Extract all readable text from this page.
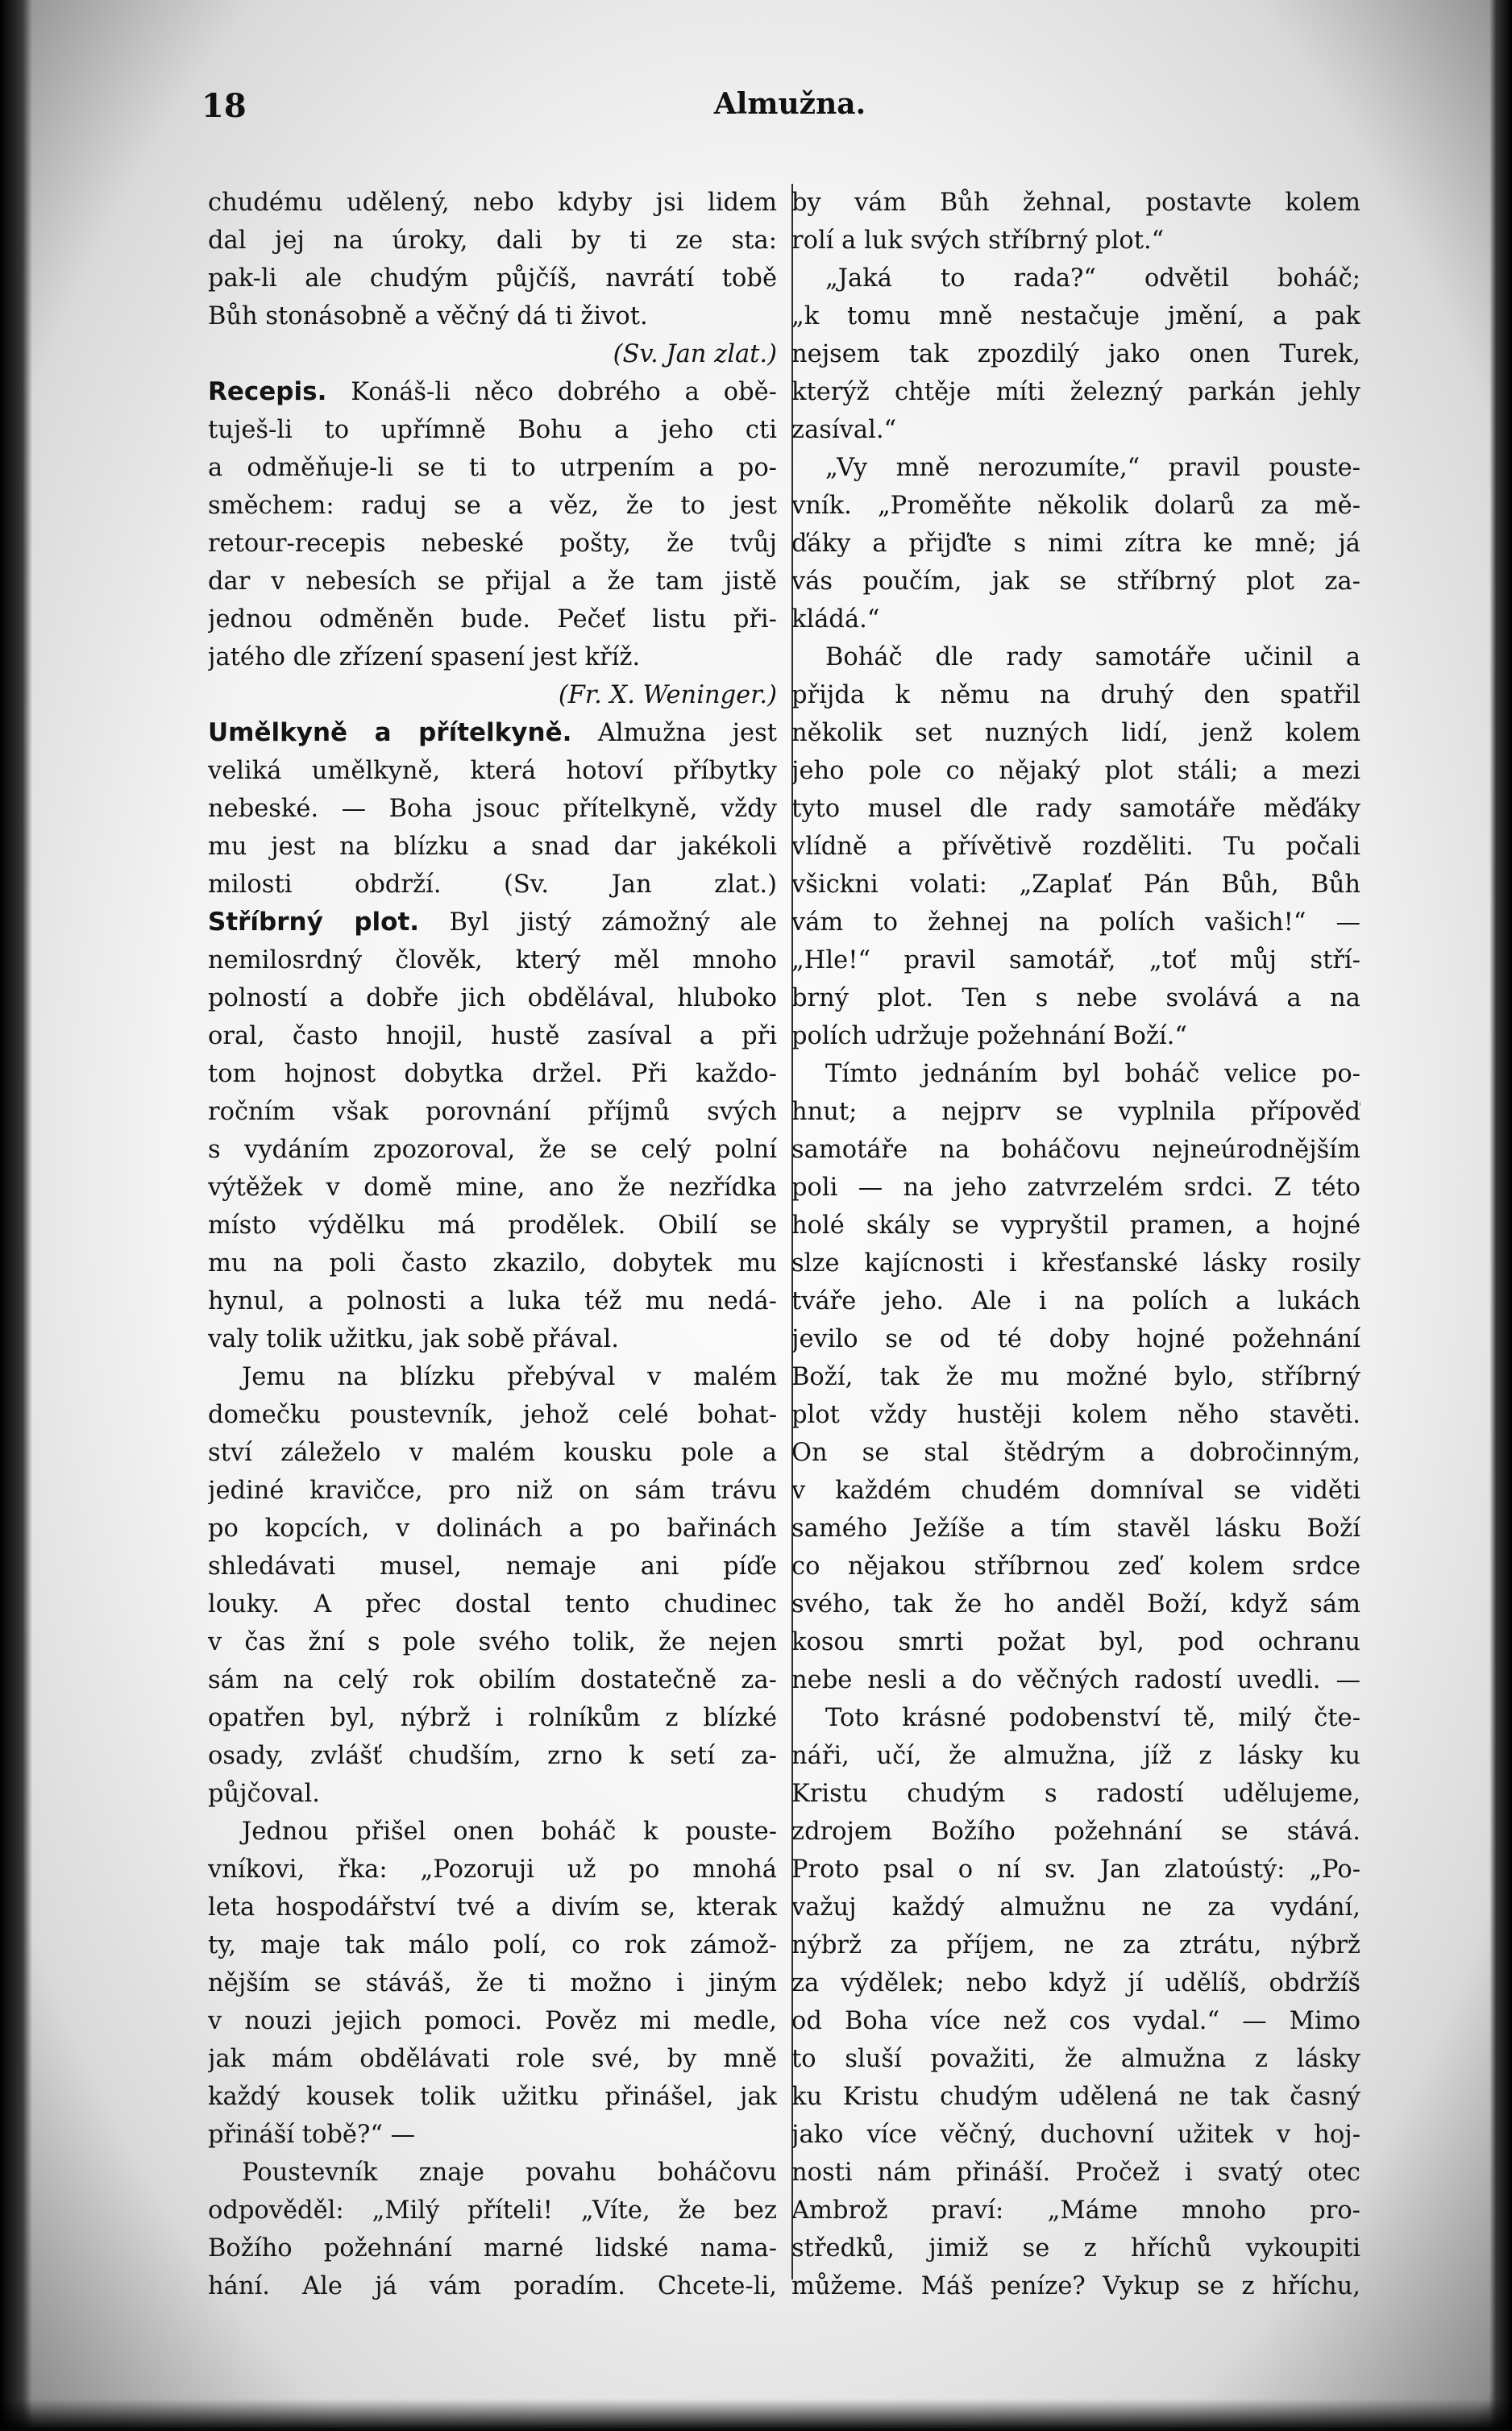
18	Almužna.
chudému udělený, nebo kdyby jsi lidem
dal jej na úroky, dali by ti ze sta:
pak-li ale chudým půjčíš, navrátí tobě
Bůh stonásobně a věčný dá ti život.
(Sv. Jan zlat.)
Recepis. Konáš-li něco dobrého a obě-
tuješ-li to upřímně Bohu a jeho cti
a odměňuje-li se ti to utrpením a po-
směchem: raduj se a věz, že to jest
retour-recepis nebeské pošty, že tvůj
dar v nebesích se přijal a že tam jistě
jednou odměněn bude. Pečeť listu při-
jatého dle zřízení spasení jest kříž.
(Fr. X. Weninger.)
Umělkyně a přítelkyně. Almužna jest
veliká umělkyně, která hotoví příbytky
nebeské. — Boha jsouc přítelkyně, vždy
mu jest na blízku a snad dar jakékoli
milosti obdrží. (Sv. Jan zlat.)
Stříbrný plot. Byl jistý zámožný ale
nemilosrdný člověk, který měl mnoho
polností a dobře jich obdělával, hluboko
oral, často hnojil, hustě zasíval a při
tom hojnost dobytka držel. Při každo-
ročním však porovnání příjmů svých
s vydáním zpozoroval, že se celý polní
výtěžek v domě mine, ano že nezřídka
místo výdělku má prodělek. Obilí se
mu na poli často zkazilo, dobytek mu
hynul, a polnosti a luka též mu nedá-
valy tolik užitku, jak sobě přával.
Jemu na blízku přebýval v malém
domečku poustevník, jehož celé bohat-
ství záleželo v malém kousku pole a
jediné kravičce, pro niž on sám trávu
po kopcích, v dolinách a po bařinách
shledávati musel, nemaje ani píďe
louky. A přec dostal tento chudinec
v čas žní s pole svého tolik, že nejen
sám na celý rok obilím dostatečně za-
opatřen byl, nýbrž i rolníkům z blízké
osady, zvlášť chudším, zrno k setí za-
půjčoval.
Jednou přišel onen boháč k pouste-
vníkovi, řka: „Pozoruji už po mnohá
leta hospodářství tvé a divím se, kterak
ty, maje tak málo polí, co rok zámož-
nějším se stáváš, že ti možno i jiným
v nouzi jejich pomoci. Pověz mi medle,
jak mám obdělávati role své, by mně
každý kousek tolik užitku přinášel, jak
přináší tobě?“ —
Poustevník znaje povahu boháčovu
odpověděl: „Milý příteli! „Víte, že bez
Božího požehnání marné lidské nama-
hání. Ale já vám poradím. Chcete-li,
by vám Bůh žehnal, postavte kolem
rolí a luk svých stříbrný plot.“
„Jaká to rada?“ odvětil boháč;
„k tomu mně nestačuje jmění, a pak
nejsem tak zpozdilý jako onen Turek,
kterýž chtěje míti železný parkán jehly
zasíval.“
„Vy mně nerozumíte,“ pravil pouste-
vník. „Proměňte několik dolarů za mě-
ďáky a přijďte s nimi zítra ke mně; já
vás poučím, jak se stříbrný plot za-
kládá.“
Boháč dle rady samotáře učinil a
přijda k němu na druhý den spatřil
několik set nuzných lidí, jenž kolem
jeho pole co nějaký plot stáli; a mezi
tyto musel dle rady samotáře měďáky
vlídně a přívětivě rozděliti. Tu počali
všickni volati: „Zaplať Pán Bůh, Bůh
vám to žehnej na polích vašich!“ —
„Hle!“ pravil samotář, „toť můj stří-
brný plot. Ten s nebe svolává a na
polích udržuje požehnání Boží.“
Tímto jednáním byl boháč velice po-
hnut; a nejprv se vyplnila přípověď
samotáře na boháčovu nejneúrodnějším
poli — na jeho zatvrzelém srdci. Z této
holé skály se vypryštil pramen, a hojné
slze kajícnosti i křesťanské lásky rosily
tváře jeho. Ale i na polích a lukách
jevilo se od té doby hojné požehnání
Boží, tak že mu možné bylo, stříbrný
plot vždy hustěji kolem něho stavěti.
On se stal štědrým a dobročinným,
v každém chudém domníval se viděti
samého Ježíše a tím stavěl lásku Boží
co nějakou stříbrnou zeď kolem srdce
svého, tak že ho anděl Boží, když sám
kosou smrti požat byl, pod ochranu
nebe nesli a do věčných radostí uvedli. —
Toto krásné podobenství tě, milý čte-
náři, učí, že almužna, jíž z lásky ku
Kristu chudým s radostí udělujeme,
zdrojem Božího požehnání se stává.
Proto psal o ní sv. Jan zlatoústý: „Po-
važuj každý almužnu ne za vydání,
nýbrž za příjem, ne za ztrátu, nýbrž
za výdělek; nebo když jí udělíš, obdržíš
od Boha více než cos vydal.“ — Mimo
to sluší považiti, že almužna z lásky
ku Kristu chudým udělená ne tak časný
jako více věčný, duchovní užitek v hoj-
nosti nám přináší. Pročež i svatý otec
Ambrož praví: „Máme mnoho pro-
středků, jimiž se z hříchů vykoupiti
můžeme. Máš peníze? Vykup se z hříchu,
